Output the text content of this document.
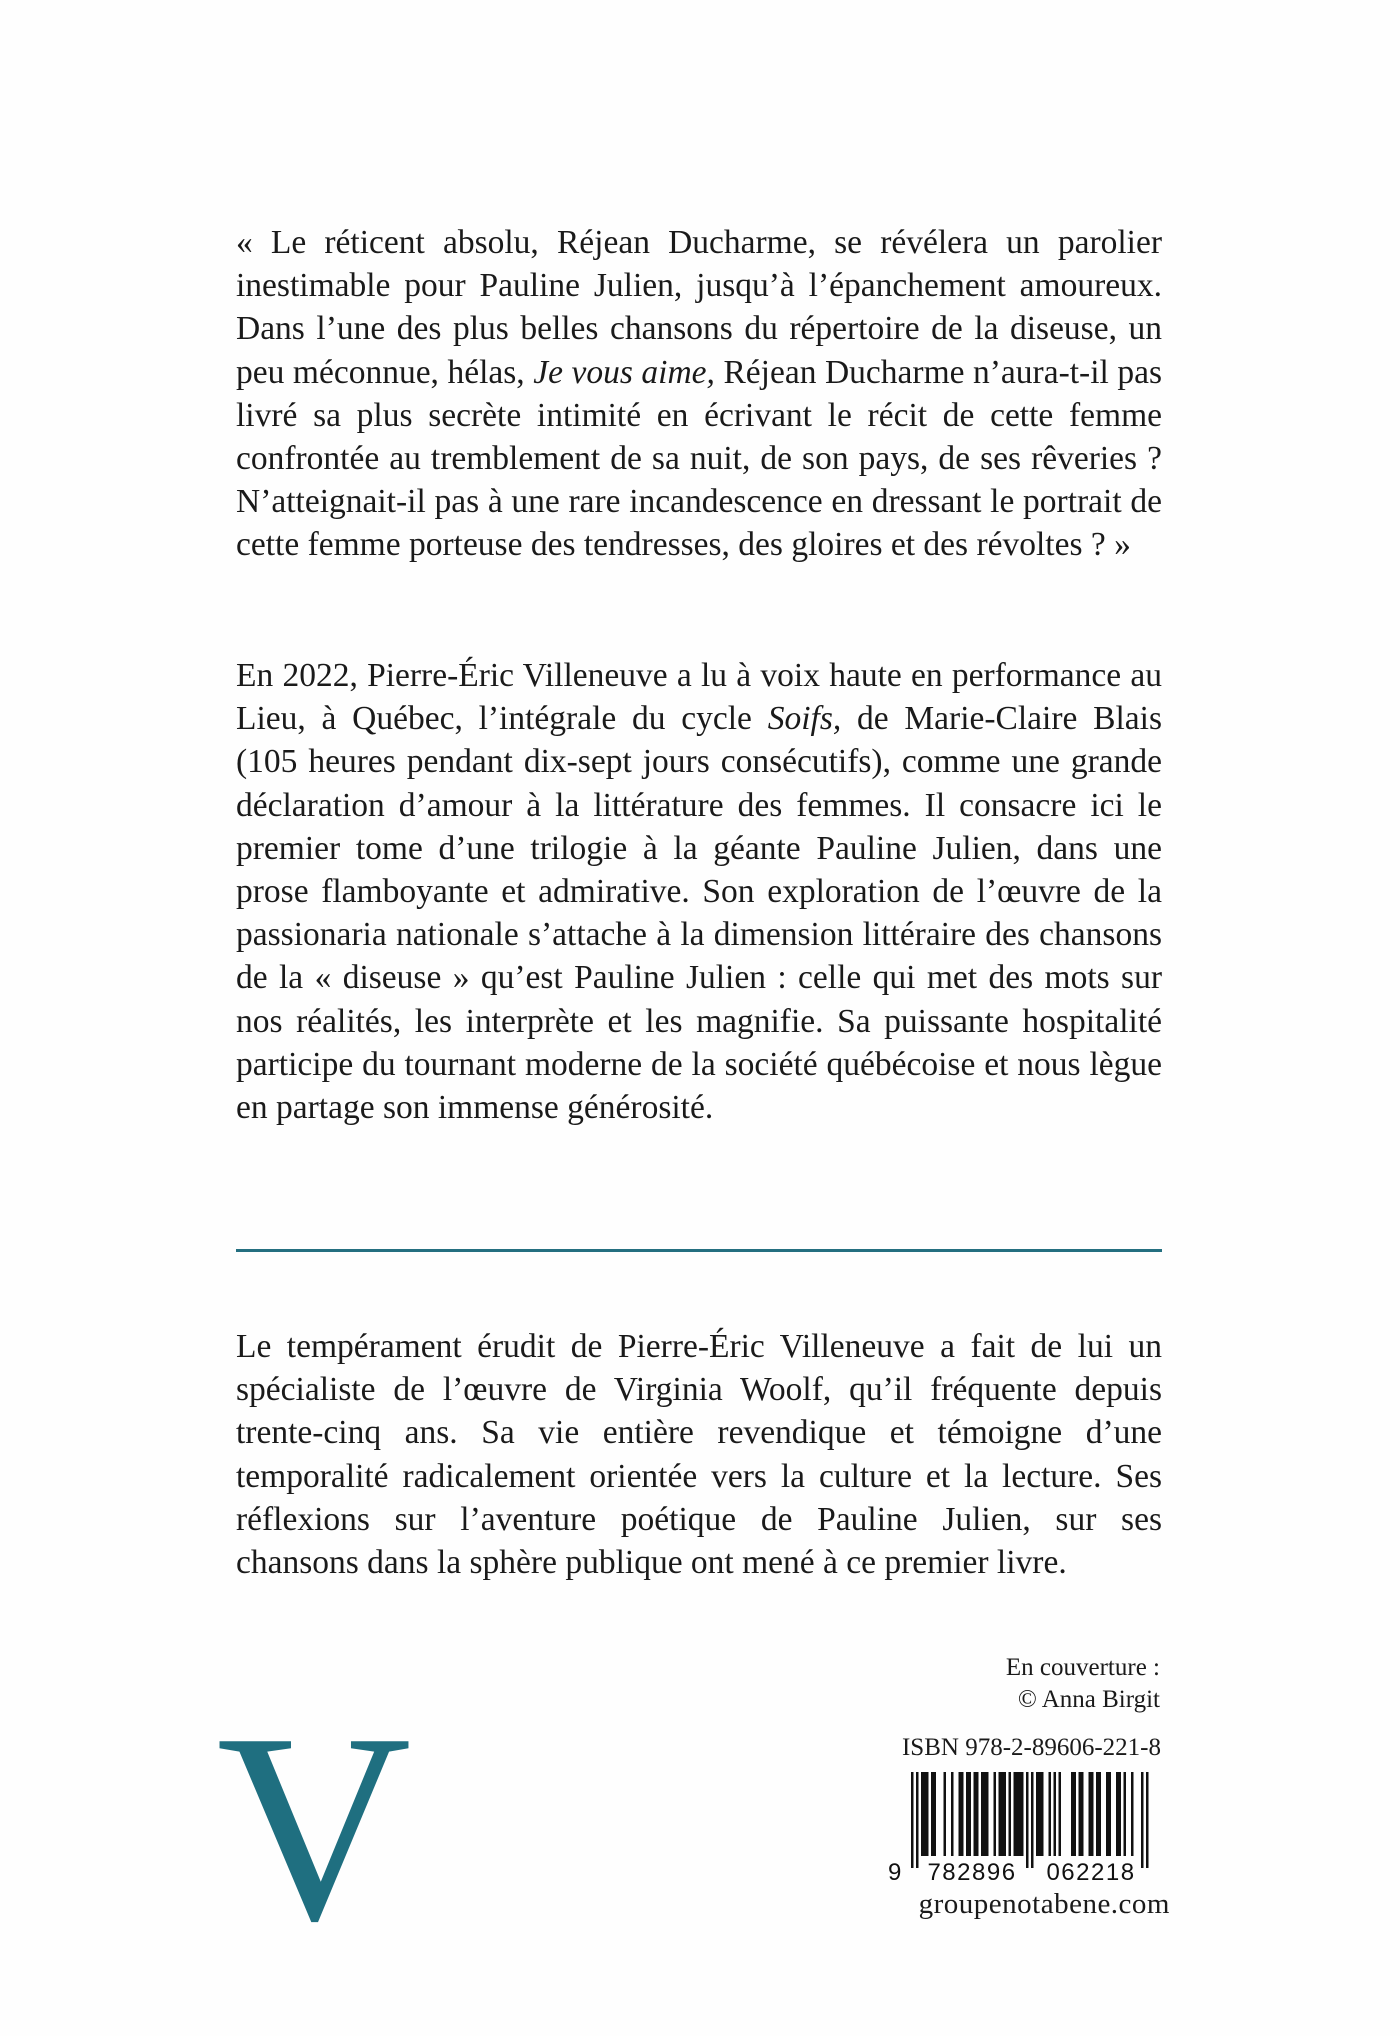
« Le réticent absolu, Réjean Ducharme, se révélera un parolier inestimable pour Pauline Julien, jusqu’à l’épanchement amoureux. Dans l’une des plus belles chansons du répertoire de la diseuse, un peu méconnue, hélas, Je vous aime, Réjean Ducharme n’aura-t-il pas livré sa plus secrète intimité en écrivant le récit de cette femme confrontée au tremblement de sa nuit, de son pays, de ses rêveries ? N’atteignait-il pas à une rare incandescence en dressant le portrait de cette femme porteuse des tendresses, des gloires et des révoltes ? »

En 2022, Pierre-Éric Villeneuve a lu à voix haute en performance au Lieu, à Québec, l’intégrale du cycle Soifs, de Marie-Claire Blais (105 heures pendant dix-sept jours consécutifs), comme une grande déclaration d’amour à la littérature des femmes. Il consacre ici le premier tome d’une trilogie à la géante Pauline Julien, dans une prose flamboyante et admirative. Son exploration de l’œuvre de la passionaria nationale s’attache à la dimension littéraire des chansons de la « diseuse » qu’est Pauline Julien : celle qui met des mots sur nos réalités, les interprète et les magnifie. Sa puissante hospitalité participe du tournant moderne de la société québécoise et nous lègue en partage son immense générosité.

Le tempérament érudit de Pierre-Éric Villeneuve a fait de lui un spécialiste de l’œuvre de Virginia Woolf, qu’il fréquente depuis trente-cinq ans. Sa vie entière revendique et témoigne d’une temporalité radicalement orientée vers la culture et la lecture. Ses réflexions sur l’aventure poétique de Pauline Julien, sur ses chansons dans la sphère publique ont mené à ce premier livre.

V
En couverture :
© Anna Birgit
ISBN 978-2-89606-221-8
9 782896 062218
groupenotabene.com
